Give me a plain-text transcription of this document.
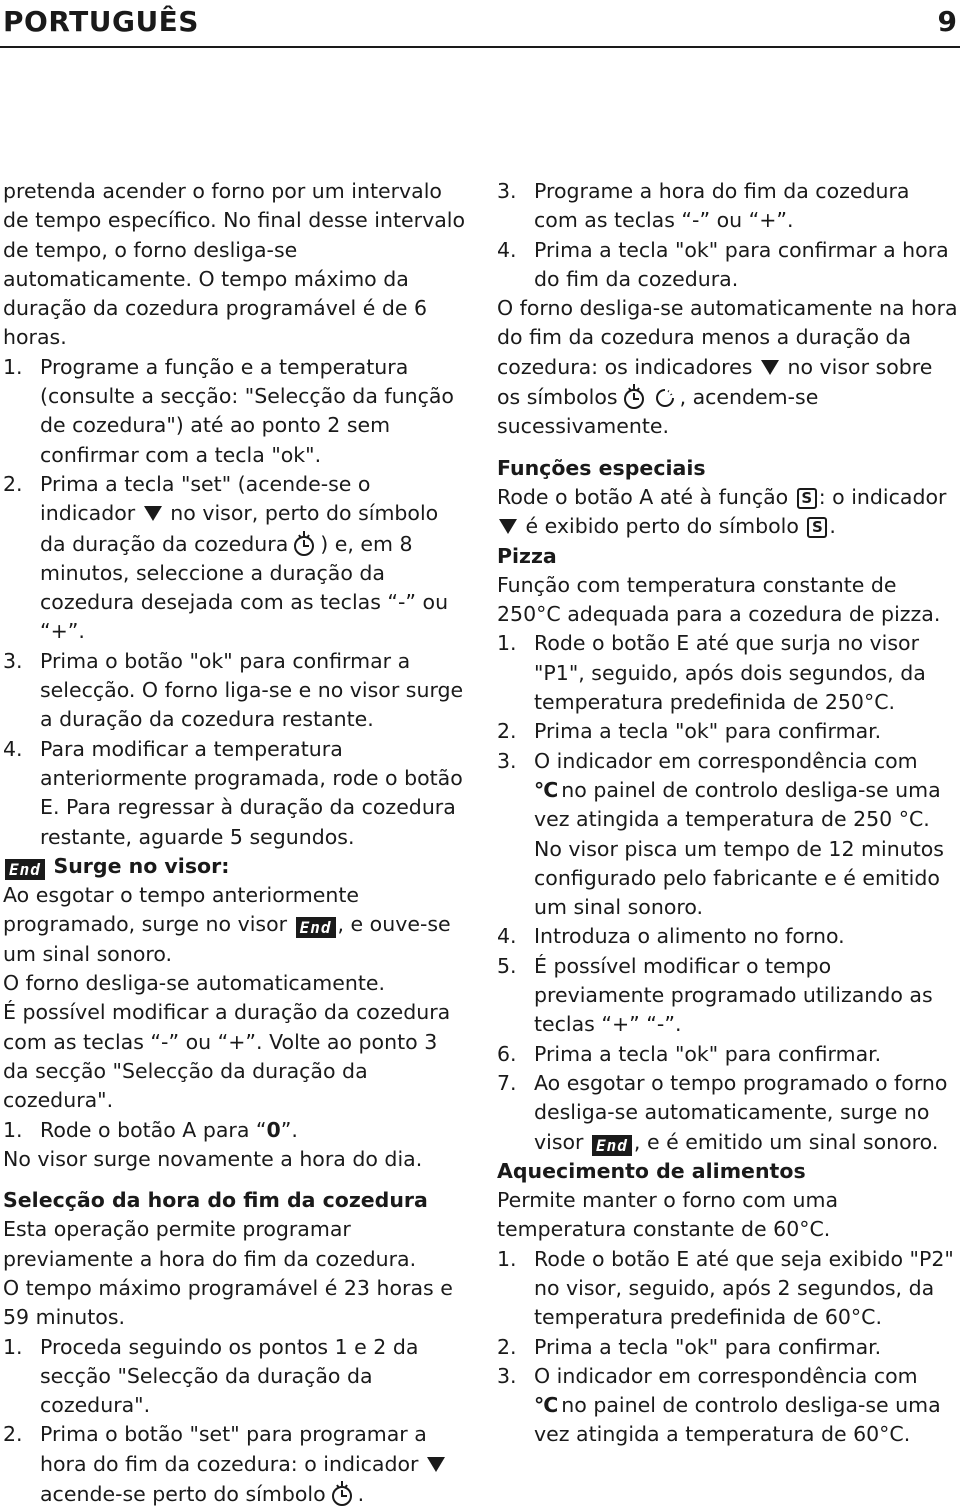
PORTUGUÊS	9

pretenda acender o forno por um intervalo de tempo específico. No final desse intervalo de tempo, o forno desliga-se automaticamente. O tempo máximo da duração da cozedura programável é de 6 horas.

1. Programe a função e a temperatura (consulte a secção: "Selecção da função de cozedura") até ao ponto 2 sem confirmar com a tecla "ok".
2. Prima a tecla "set" (acende-se o indicador no visor, perto do símbolo da duração da cozedura ) e, em 8 minutos, seleccione a duração da cozedura desejada com as teclas “-” ou “+”.
3. Prima o botão "ok" para confirmar a selecção. O forno liga-se e no visor surge a duração da cozedura restante.
4. Para modificar a temperatura anteriormente programada, rode o botão E. Para regressar à duração da cozedura restante, aguarde 5 segundos.

End Surge no visor:

Ao esgotar o tempo anteriormente programado, surge no visor End , e ouve-se um sinal sonoro.

O forno desliga-se automaticamente.

É possível modificar a duração da cozedura com as teclas “-” ou “+”. Volte ao ponto 3 da secção "Selecção da duração da cozedura".

1. Rode o botão A para “0”.

No visor surge novamente a hora do dia.

Selecção da hora do fim da cozedura

Esta operação permite programar previamente a hora do fim da cozedura.

O tempo máximo programável é 23 horas e 59 minutos.

1. Proceda seguindo os pontos 1 e 2 da secção "Selecção da duração da cozedura".
2. Prima o botão "set" para programar a hora do fim da cozedura: o indicador  acende-se perto do símbolo .
3. Programe a hora do fim da cozedura com as teclas “-” ou “+”.
4. Prima a tecla "ok" para confirmar a hora do fim da cozedura.

O forno desliga-se automaticamente na hora do fim da cozedura menos a duração da cozedura: os indicadores no visor sobre os símbolos	, acendem-se sucessivamente.

Funções especiais

Rode o botão A até à função S : o indicador  é exibido perto do símbolo S .

Pizza

Função com temperatura constante de 250°C adequada para a cozedura de pizza.

1. Rode o botão E até que surja no visor "P1", seguido, após dois segundos, da temperatura predefinida de 250°C.
2. Prima a tecla "ok" para confirmar.
3. O indicador em correspondência com °C no painel de controlo desliga-se uma vez atingida a temperatura de 250 °C. No visor pisca um tempo de 12 minutos configurado pelo fabricante e é emitido um sinal sonoro.
4. Introduza o alimento no forno.
5. É possível modificar o tempo previamente programado utilizando as teclas “+” “-”.
6. Prima a tecla "ok" para confirmar.
7. Ao esgotar o tempo programado o forno desliga-se automaticamente, surge no visor End , e é emitido um sinal sonoro.

Aquecimento de alimentos

Permite manter o forno com uma temperatura constante de 60°C.

1. Rode o botão E até que seja exibido "P2" no visor, seguido, após 2 segundos, da temperatura predefinida de 60°C.
2. Prima a tecla "ok" para confirmar.
3. O indicador em correspondência com °C no painel de controlo desliga-se uma vez atingida a temperatura de 60°C.
